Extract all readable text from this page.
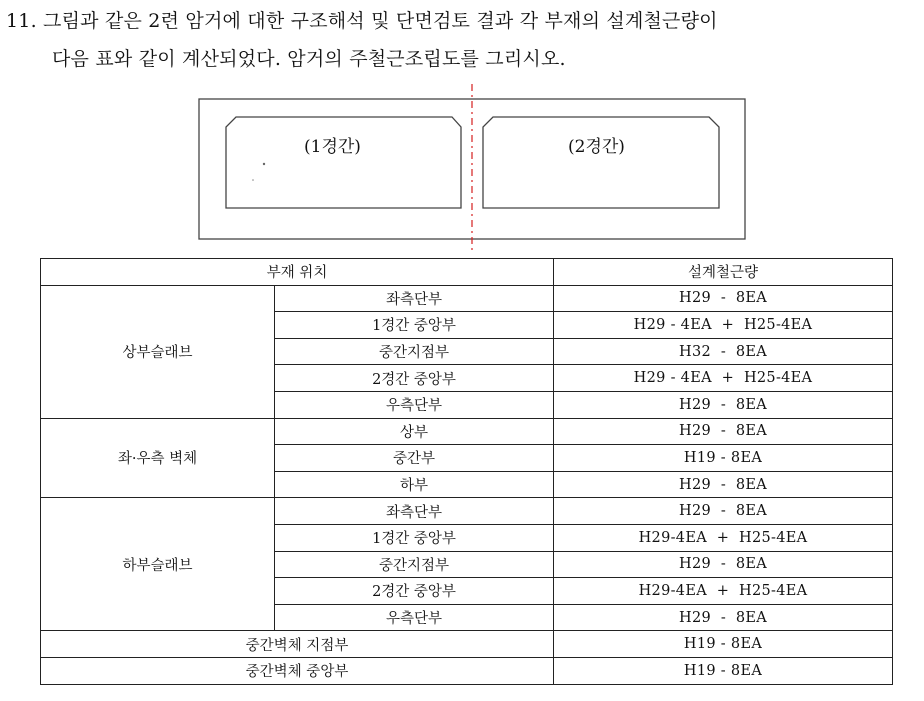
11. 그림과 같은 2련 암거에 대한 구조해석 및 단면검토 결과 각 부재의 설계철근량이
다음 표와 같이 계산되었다. 암거의 주철근조립도를 그리시오.
(1경간)	(2경간)
부재 위치		설계철근량
상부슬래브	좌측단부	H29  -  8EA
	1경간 중앙부	H29 - 4EA  +  H25-4EA
	중간지점부	H32  -  8EA
	2경간 중앙부	H29 - 4EA  +  H25-4EA
	우측단부	H29  -  8EA
좌·우측 벽체	상부	H29  -  8EA
	중간부	H19 - 8EA
	하부	H29  -  8EA
하부슬래브	좌측단부	H29  -  8EA
	1경간 중앙부	H29-4EA  +  H25-4EA
	중간지점부	H29  -  8EA
	2경간 중앙부	H29-4EA  +  H25-4EA
	우측단부	H29  -  8EA
중간벽체 지점부		H19 - 8EA
중간벽체 중앙부		H19 - 8EA
